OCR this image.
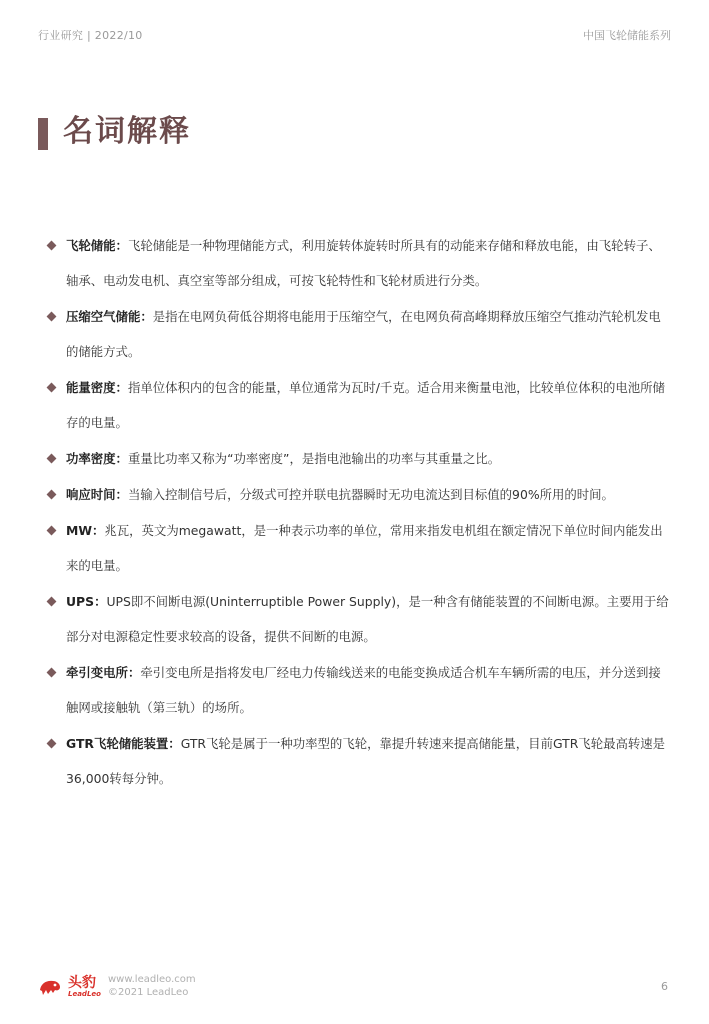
行业研究 | 2022/10	中国飞轮储能系列
名词解释
飞轮储能：飞轮储能是一种物理储能方式，利用旋转体旋转时所具有的动能来存储和释放电能，由飞轮转子、轴承、电动发电机、真空室等部分组成，可按飞轮特性和飞轮材质进行分类。
压缩空气储能：是指在电网负荷低谷期将电能用于压缩空气，在电网负荷高峰期释放压缩空气推动汽轮机发电的储能方式。
能量密度：指单位体积内的包含的能量，单位通常为瓦时/千克。适合用来衡量电池，比较单位体积的电池所储存的电量。
功率密度：重量比功率又称为“功率密度”，是指电池输出的功率与其重量之比。
响应时间：当输入控制信号后，分级式可控并联电抗器瞬时无功电流达到目标值的90%所用的时间。
MW：兆瓦，英文为megawatt，是一种表示功率的单位，常用来指发电机组在额定情况下单位时间内能发出来的电量。
UPS：UPS即不间断电源(Uninterruptible Power Supply)，是一种含有储能装置的不间断电源。主要用于给部分对电源稳定性要求较高的设备，提供不间断的电源。
牵引变电所：牵引变电所是指将发电厂经电力传输线送来的电能变换成适合机车车辆所需的电压，并分送到接触网或接触轨（第三轨）的场所。
GTR飞轮储能装置：GTR飞轮是属于一种功率型的飞轮，靠提升转速来提高储能量，目前GTR飞轮最高转速是36,000转每分钟。
头豹
LeadLeo
www.leadleo.com
©2021 LeadLeo	6
